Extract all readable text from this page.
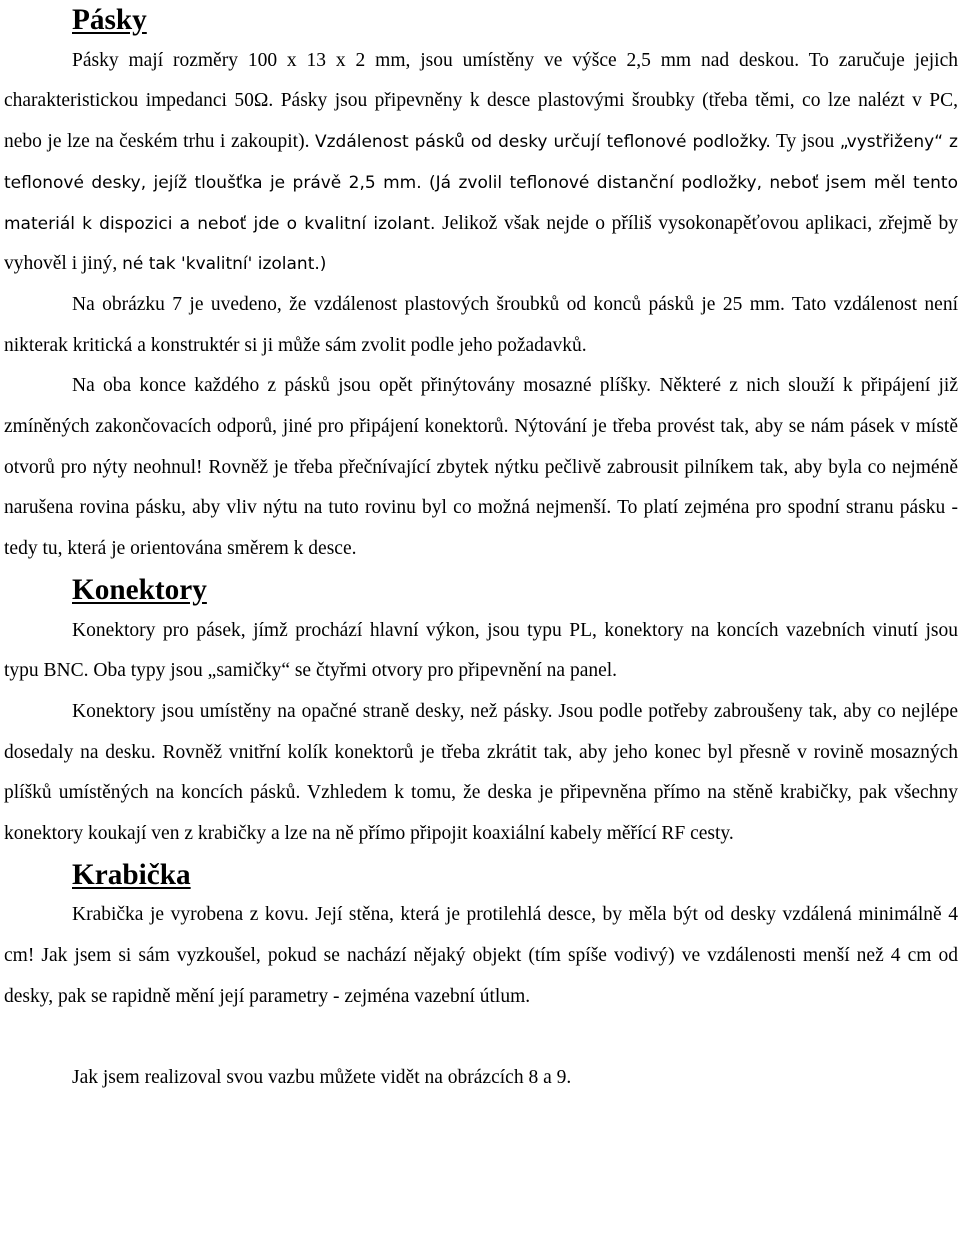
Pásky

Pásky mají rozměry 100 x 13 x 2 mm, jsou umístěny ve výšce 2,5 mm nad deskou. To zaručuje jejich charakteristickou impedanci 50Ω. Pásky jsou připevněny k desce plastovými šroubky (třeba těmi, co lze nalézt v PC, nebo je lze na českém trhu i zakoupit). Vzdálenost pásků od desky určují teflonové podložky. Ty jsou „vystřiženy“ z teflonové desky, jejíž tloušťka je právě 2,5 mm. (Já zvolil teflonové distanční podložky, neboť jsem měl tento materiál k dispozici a neboť jde o kvalitní izolant. Jelikož však nejde o příliš vysokonapěťovou aplikaci, zřejmě by vyhověl i jiný, né tak 'kvalitní' izolant.)

Na obrázku 7 je uvedeno, že vzdálenost plastových šroubků od konců pásků je 25 mm. Tato vzdálenost není nikterak kritická a konstruktér si ji může sám zvolit podle jeho požadavků.

Na oba konce každého z pásků jsou opět přinýtovány mosazné plíšky. Některé z nich slouží k připájení již zmíněných zakončovacích odporů, jiné pro připájení konektorů. Nýtování je třeba provést tak, aby se nám pásek v místě otvorů pro nýty neohnul! Rovněž je třeba přečnívající zbytek nýtku pečlivě zabrousit pilníkem tak, aby byla co nejméně narušena rovina pásku, aby vliv nýtu na tuto rovinu byl co možná nejmenší. To platí zejména pro spodní stranu pásku - tedy tu, která je orientována směrem k desce.

Konektory

Konektory pro pásek, jímž prochází hlavní výkon, jsou typu PL, konektory na koncích vazebních vinutí jsou typu BNC. Oba typy jsou „samičky“ se čtyřmi otvory pro připevnění na panel.

Konektory jsou umístěny na opačné straně desky, než pásky. Jsou podle potřeby zabroušeny tak, aby co nejlépe dosedaly na desku. Rovněž vnitřní kolík konektorů je třeba zkrátit tak, aby jeho konec byl přesně v rovině mosazných plíšků umístěných na koncích pásků. Vzhledem k tomu, že deska je připevněna přímo na stěně krabičky, pak všechny konektory koukají ven z krabičky a lze na ně přímo připojit koaxiální kabely měřící RF cesty.

Krabička

Krabička je vyrobena z kovu. Její stěna, která je protilehlá desce, by měla být od desky vzdálená minimálně 4 cm! Jak jsem si sám vyzkoušel, pokud se nachází nějaký objekt (tím spíše vodivý) ve vzdálenosti menší než 4 cm od desky, pak se rapidně mění její parametry - zejména vazební útlum.

Jak jsem realizoval svou vazbu můžete vidět na obrázcích 8 a 9.
